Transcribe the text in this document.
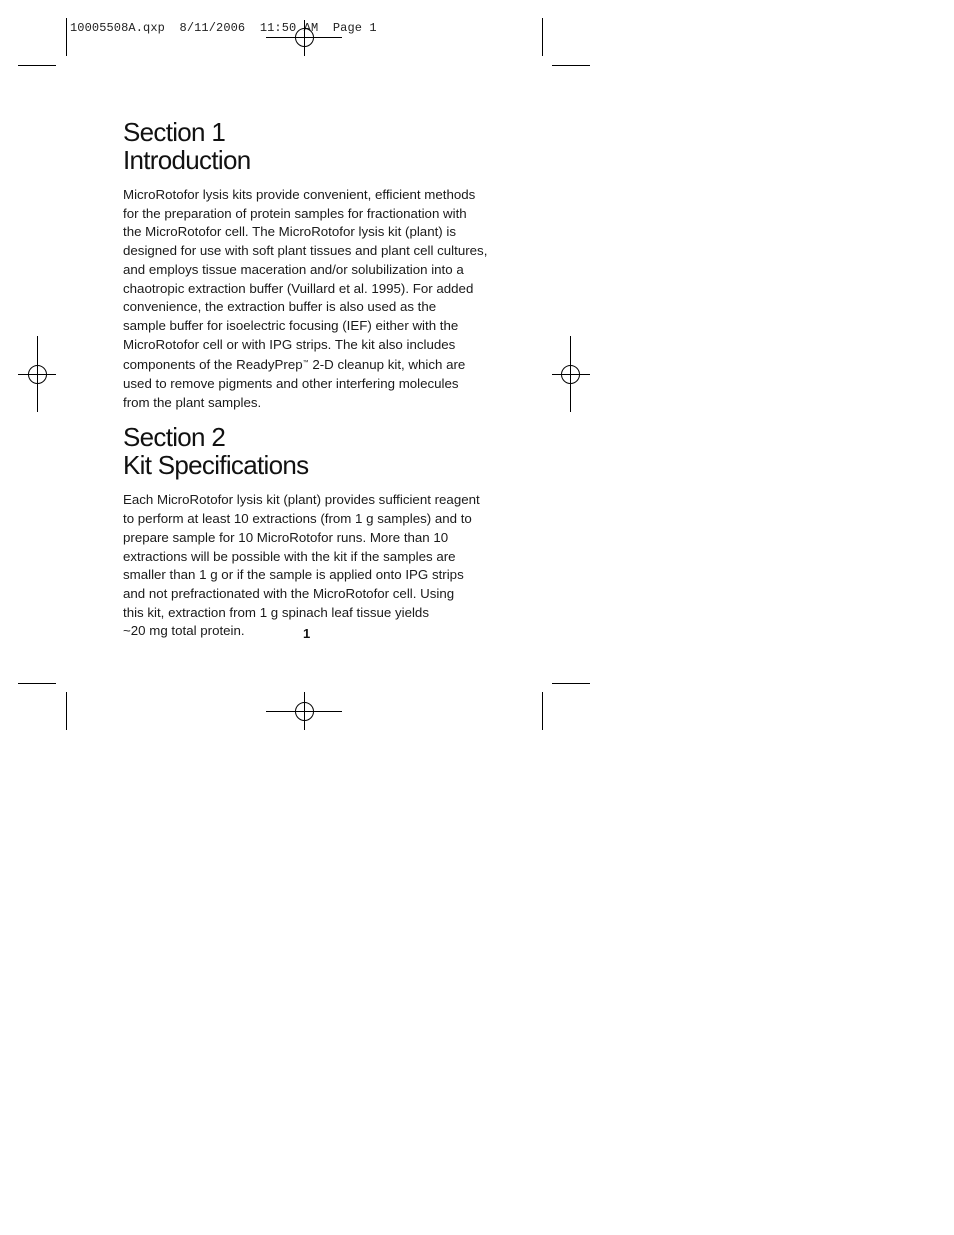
10005508A.qxp  8/11/2006  11:50 AM  Page 1
Section 1
Introduction

MicroRotofor lysis kits provide convenient, efficient methods
for the preparation of protein samples for fractionation with
the MicroRotofor cell. The MicroRotofor lysis kit (plant) is
designed for use with soft plant tissues and plant cell cultures,
and employs tissue maceration and/or solubilization into a
chaotropic extraction buffer (Vuillard et al. 1995). For added
convenience, the extraction buffer is also used as the
sample buffer for isoelectric focusing (IEF) either with the
MicroRotofor cell or with IPG strips. The kit also includes
components of the ReadyPrep™ 2-D cleanup kit, which are
used to remove pigments and other interfering molecules
from the plant samples.

Section 2
Kit Specifications

Each MicroRotofor lysis kit (plant) provides sufficient reagent
to perform at least 10 extractions (from 1 g samples) and to
prepare sample for 10 MicroRotofor runs. More than 10
extractions will be possible with the kit if the samples are
smaller than 1 g or if the sample is applied onto IPG strips
and not prefractionated with the MicroRotofor cell. Using
this kit, extraction from 1 g spinach leaf tissue yields
~20 mg total protein.	1
